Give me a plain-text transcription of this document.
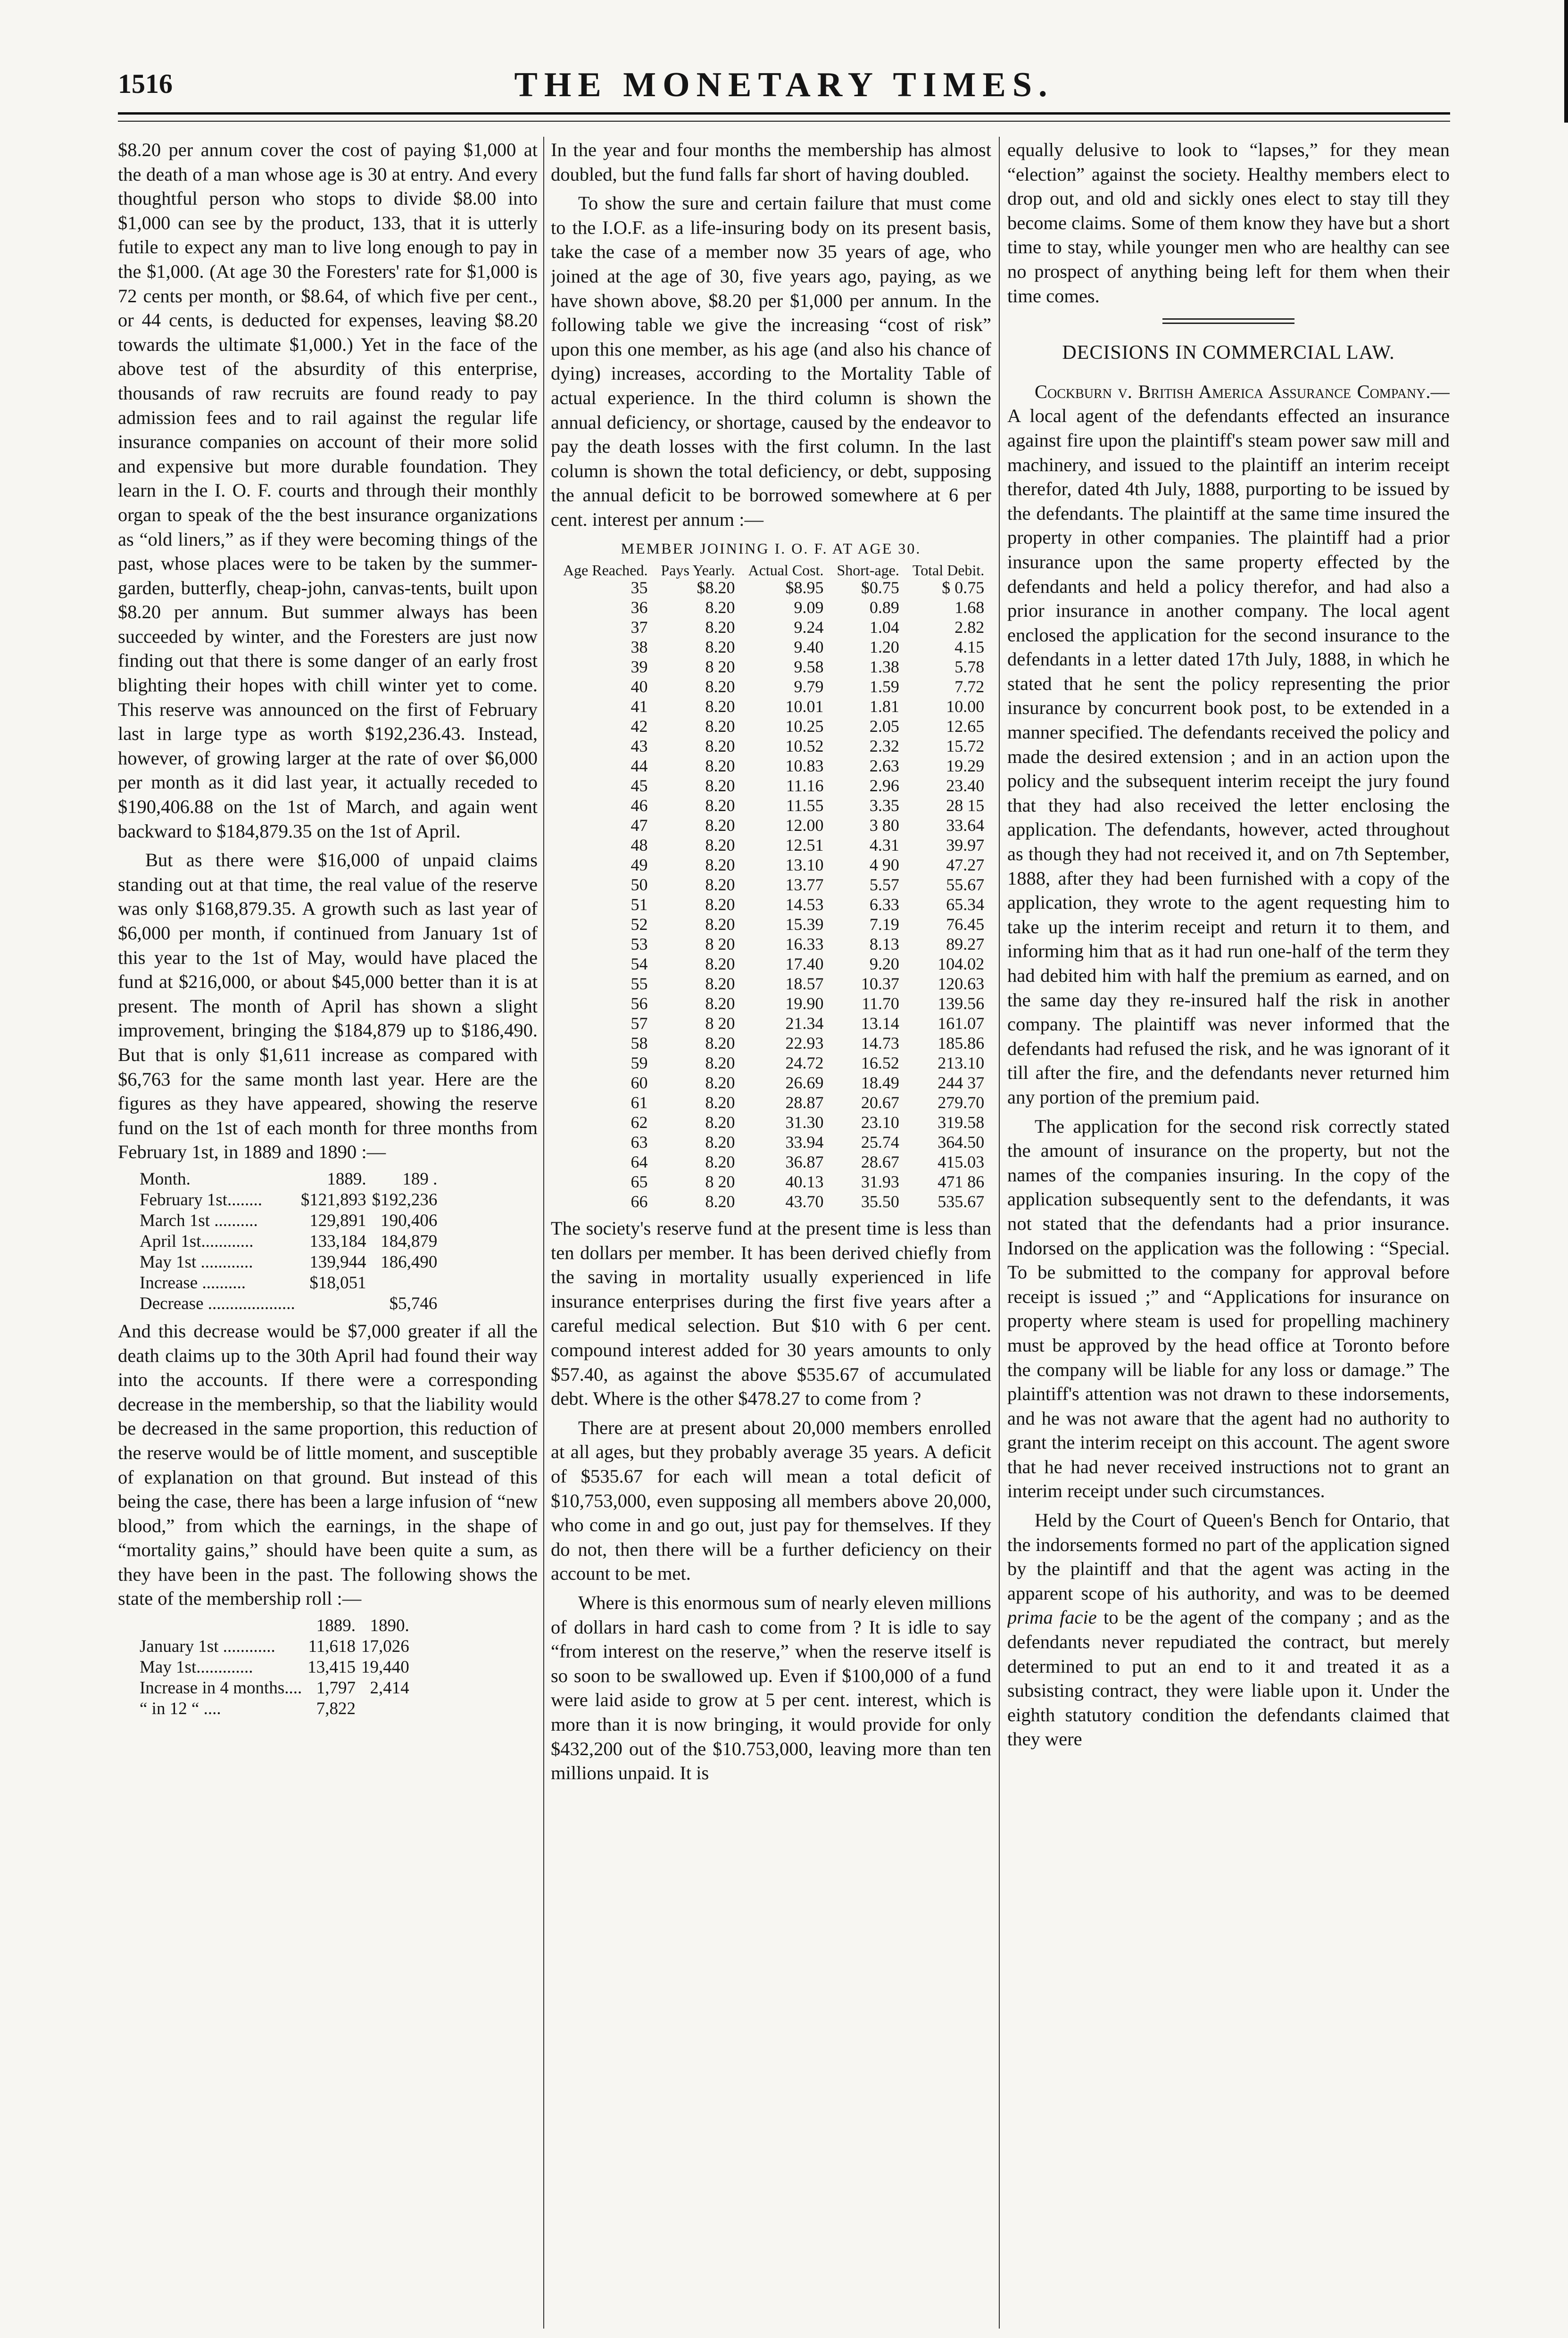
1516	THE MONETARY TIMES.

$8.20 per annum cover the cost of paying $1,000 at the death of a man whose age is 30 at entry. And every thoughtful person who stops to divide $8.00 into $1,000 can see by the product, 133, that it is utterly futile to expect any man to live long enough to pay in the $1,000. (At age 30 the Foresters' rate for $1,000 is 72 cents per month, or $8.64, of which five per cent., or 44 cents, is deducted for expenses, leaving $8.20 towards the ultimate $1,000.) Yet in the face of the above test of the absurdity of this enterprise, thousands of raw recruits are found ready to pay admission fees and to rail against the regular life insurance companies on account of their more solid and expensive but more durable foundation. They learn in the I. O. F. courts and through their monthly organ to speak of the the best insurance organizations as “old liners,” as if they were becoming things of the past, whose places were to be taken by the summer-garden, butterfly, cheap-john, canvas-tents, built upon $8.20 per annum. But summer always has been succeeded by winter, and the Foresters are just now finding out that there is some danger of an early frost blighting their hopes with chill winter yet to come. This reserve was announced on the first of February last in large type as worth $192,236.43. Instead, however, of growing larger at the rate of over $6,000 per month as it did last year, it actually receded to $190,406.88 on the 1st of March, and again went backward to $184,879.35 on the 1st of April.

But as there were $16,000 of unpaid claims standing out at that time, the real value of the reserve was only $168,879.35. A growth such as last year of $6,000 per month, if continued from January 1st of this year to the 1st of May, would have placed the fund at $216,000, or about $45,000 better than it is at present. The month of April has shown a slight improvement, bringing the $184,879 up to $186,490. But that is only $1,611 increase as compared with $6,763 for the same month last year. Here are the figures as they have appeared, showing the reserve fund on the 1st of each month for three months from February 1st, in 1889 and 1890 :—

Month.	1889.	189 .
February 1st........	$121,893	$192,236
March 1st ..........	129,891	190,406
April 1st............	133,184	184,879
May 1st ............	139,944	186,490
Increase ..........	$18,051	
Decrease ....................		$5,746

And this decrease would be $7,000 greater if all the death claims up to the 30th April had found their way into the accounts. If there were a corresponding decrease in the membership, so that the liability would be decreased in the same proportion, this reduction of the reserve would be of little moment, and susceptible of explanation on that ground. But instead of this being the case, there has been a large infusion of “new blood,” from which the earnings, in the shape of “mortality gains,” should have been quite a sum, as they have been in the past. The following shows the state of the membership roll :—

	1889.	1890.
January 1st ............	11,618	17,026
May 1st.............	13,415	19,440
Increase in 4 months....	1,797	2,414
“ in 12 “ ....	7,822	

In the year and four months the membership has almost doubled, but the fund falls far short of having doubled.

To show the sure and certain failure that must come to the I.O.F. as a life-insuring body on its present basis, take the case of a member now 35 years of age, who joined at the age of 30, five years ago, paying, as we have shown above, $8.20 per $1,000 per annum. In the following table we give the increasing “cost of risk” upon this one member, as his age (and also his chance of dying) increases, according to the Mortality Table of actual experience. In the third column is shown the annual deficiency, or shortage, caused by the endeavor to pay the death losses with the first column. In the last column is shown the total deficiency, or debt, supposing the annual deficit to be borrowed somewhere at 6 per cent. interest per annum :—

MEMBER JOINING I. O. F. AT AGE 30.
Age Reached.	Pays Yearly.	Actual Cost.	Short-age.	Total Debit.
35	$8.20	$8.95	$0.75	$ 0.75
36	8.20	9.09	0.89	1.68
37	8.20	9.24	1.04	2.82
38	8.20	9.40	1.20	4.15
39	8 20	9.58	1.38	5.78
40	8.20	9.79	1.59	7.72
41	8.20	10.01	1.81	10.00
42	8.20	10.25	2.05	12.65
43	8.20	10.52	2.32	15.72
44	8.20	10.83	2.63	19.29
45	8.20	11.16	2.96	23.40
46	8.20	11.55	3.35	28 15
47	8.20	12.00	3 80	33.64
48	8.20	12.51	4.31	39.97
49	8.20	13.10	4 90	47.27
50	8.20	13.77	5.57	55.67
51	8.20	14.53	6.33	65.34
52	8.20	15.39	7.19	76.45
53	8 20	16.33	8.13	89.27
54	8.20	17.40	9.20	104.02
55	8.20	18.57	10.37	120.63
56	8.20	19.90	11.70	139.56
57	8 20	21.34	13.14	161.07
58	8.20	22.93	14.73	185.86
59	8.20	24.72	16.52	213.10
60	8.20	26.69	18.49	244 37
61	8.20	28.87	20.67	279.70
62	8.20	31.30	23.10	319.58
63	8.20	33.94	25.74	364.50
64	8.20	36.87	28.67	415.03
65	8 20	40.13	31.93	471 86
66	8.20	43.70	35.50	535.67

The society's reserve fund at the present time is less than ten dollars per member. It has been derived chiefly from the saving in mortality usually experienced in life insurance enterprises during the first five years after a careful medical selection. But $10 with 6 per cent. compound interest added for 30 years amounts to only $57.40, as against the above $535.67 of accumulated debt. Where is the other $478.27 to come from ?

There are at present about 20,000 members enrolled at all ages, but they probably average 35 years. A deficit of $535.67 for each will mean a total deficit of $10,753,000, even supposing all members above 20,000, who come in and go out, just pay for themselves. If they do not, then there will be a further deficiency on their account to be met.

Where is this enormous sum of nearly eleven millions of dollars in hard cash to come from ? It is idle to say “from interest on the reserve,” when the reserve itself is so soon to be swallowed up. Even if $100,000 of a fund were laid aside to grow at 5 per cent. interest, which is more than it is now bringing, it would provide for only $432,200 out of the $10.753,000, leaving more than ten millions unpaid. It is

equally delusive to look to “lapses,” for they mean “election” against the society. Healthy members elect to drop out, and old and sickly ones elect to stay till they become claims. Some of them know they have but a short time to stay, while younger men who are healthy can see no prospect of anything being left for them when their time comes.

DECISIONS IN COMMERCIAL LAW.

Cockburn v. British America Assurance Company.—A local agent of the defendants effected an insurance against fire upon the plaintiff's steam power saw mill and machinery, and issued to the plaintiff an interim receipt therefor, dated 4th July, 1888, purporting to be issued by the defendants. The plaintiff at the same time insured the property in other companies. The plaintiff had a prior insurance upon the same property effected by the defendants and held a policy therefor, and had also a prior insurance in another company. The local agent enclosed the application for the second insurance to the defendants in a letter dated 17th July, 1888, in which he stated that he sent the policy representing the prior insurance by concurrent book post, to be extended in a manner specified. The defendants received the policy and made the desired extension ; and in an action upon the policy and the subsequent interim receipt the jury found that they had also received the letter enclosing the application. The defendants, however, acted throughout as though they had not received it, and on 7th September, 1888, after they had been furnished with a copy of the application, they wrote to the agent requesting him to take up the interim receipt and return it to them, and informing him that as it had run one-half of the term they had debited him with half the premium as earned, and on the same day they re-insured half the risk in another company. The plaintiff was never informed that the defendants had refused the risk, and he was ignorant of it till after the fire, and the defendants never returned him any portion of the premium paid.

The application for the second risk correctly stated the amount of insurance on the property, but not the names of the companies insuring. In the copy of the application subsequently sent to the defendants, it was not stated that the defendants had a prior insurance. Indorsed on the application was the following : “Special. To be submitted to the company for approval before receipt is issued ;” and “Applications for insurance on property where steam is used for propelling machinery must be approved by the head office at Toronto before the company will be liable for any loss or damage.” The plaintiff's attention was not drawn to these indorsements, and he was not aware that the agent had no authority to grant the interim receipt on this account. The agent swore that he had never received instructions not to grant an interim receipt under such circumstances.

Held by the Court of Queen's Bench for Ontario, that the indorsements formed no part of the application signed by the plaintiff and that the agent was acting in the apparent scope of his authority, and was to be deemed prima facie to be the agent of the company ; and as the defendants never repudiated the contract, but merely determined to put an end to it and treated it as a subsisting contract, they were liable upon it. Under the eighth statutory condition the defendants claimed that they were
